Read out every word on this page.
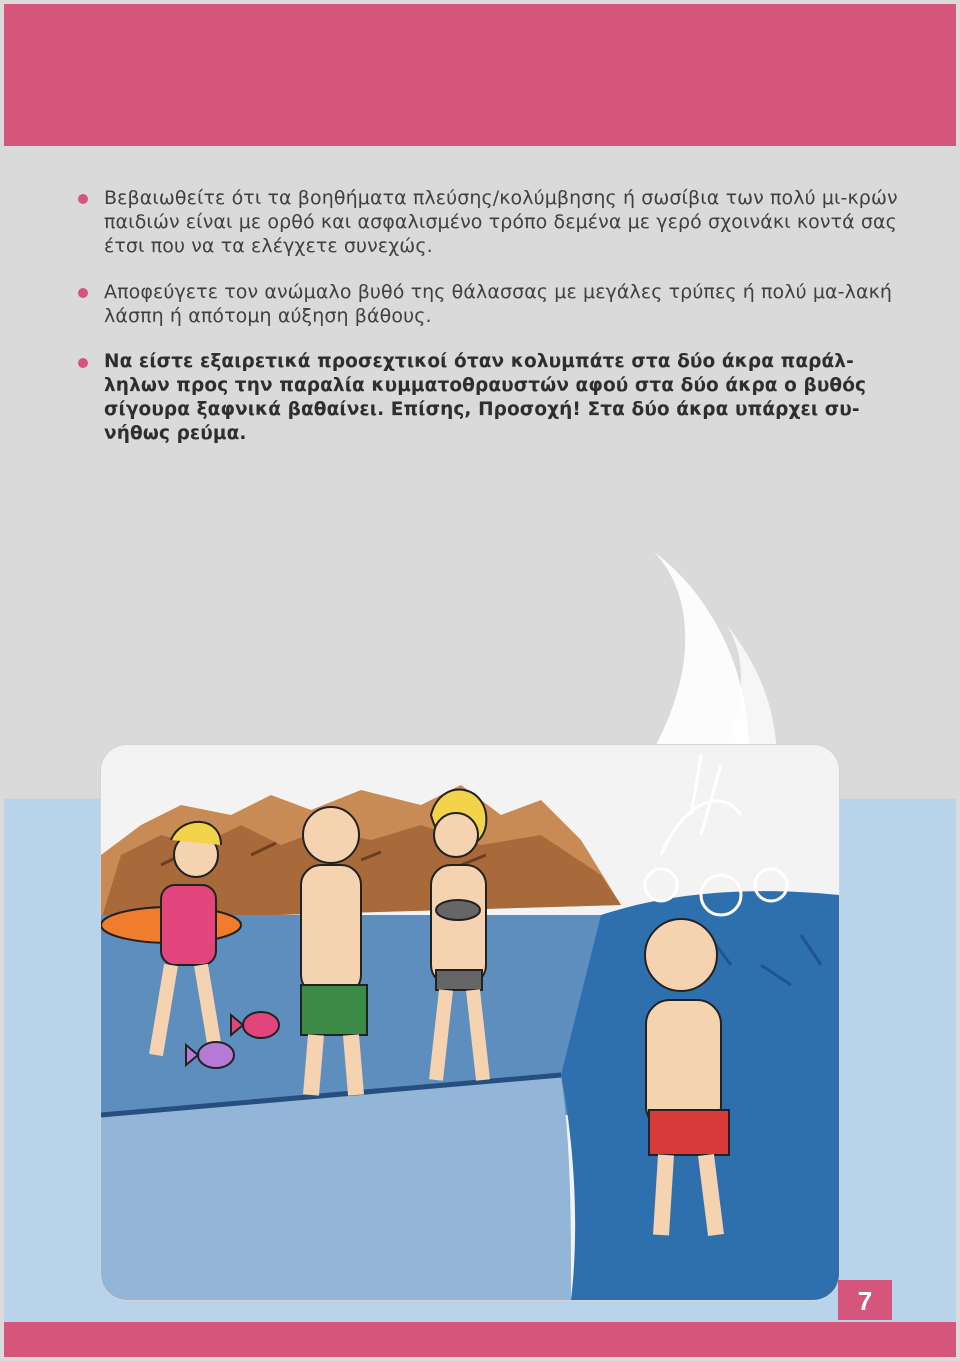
Βεβαιωθείτε ότι τα βοηθήματα πλεύσης/κολύμβησης ή σωσίβια των πολύ μι-κρών παιδιών είναι με ορθό και ασφαλισμένο τρόπο δεμένα με γερό σχοινάκι κοντά σας έτσι που να τα ελέγχετε συνεχώς.
Αποφεύγετε τον ανώμαλο βυθό της θάλασσας με μεγάλες τρύπες ή πολύ μα-λακή λάσπη ή απότομη αύξηση βάθους.
Να είστε εξαιρετικά προσεχτικοί όταν κολυμπάτε στα δύο άκρα παράλ-ληλων προς την παραλία κυμματοθραυστών αφού στα δύο άκρα ο βυθός σίγουρα ξαφνικά βαθαίνει. Επίσης, Προσοχή! Στα δύο άκρα υπάρχει συ-νήθως ρεύμα.
7
